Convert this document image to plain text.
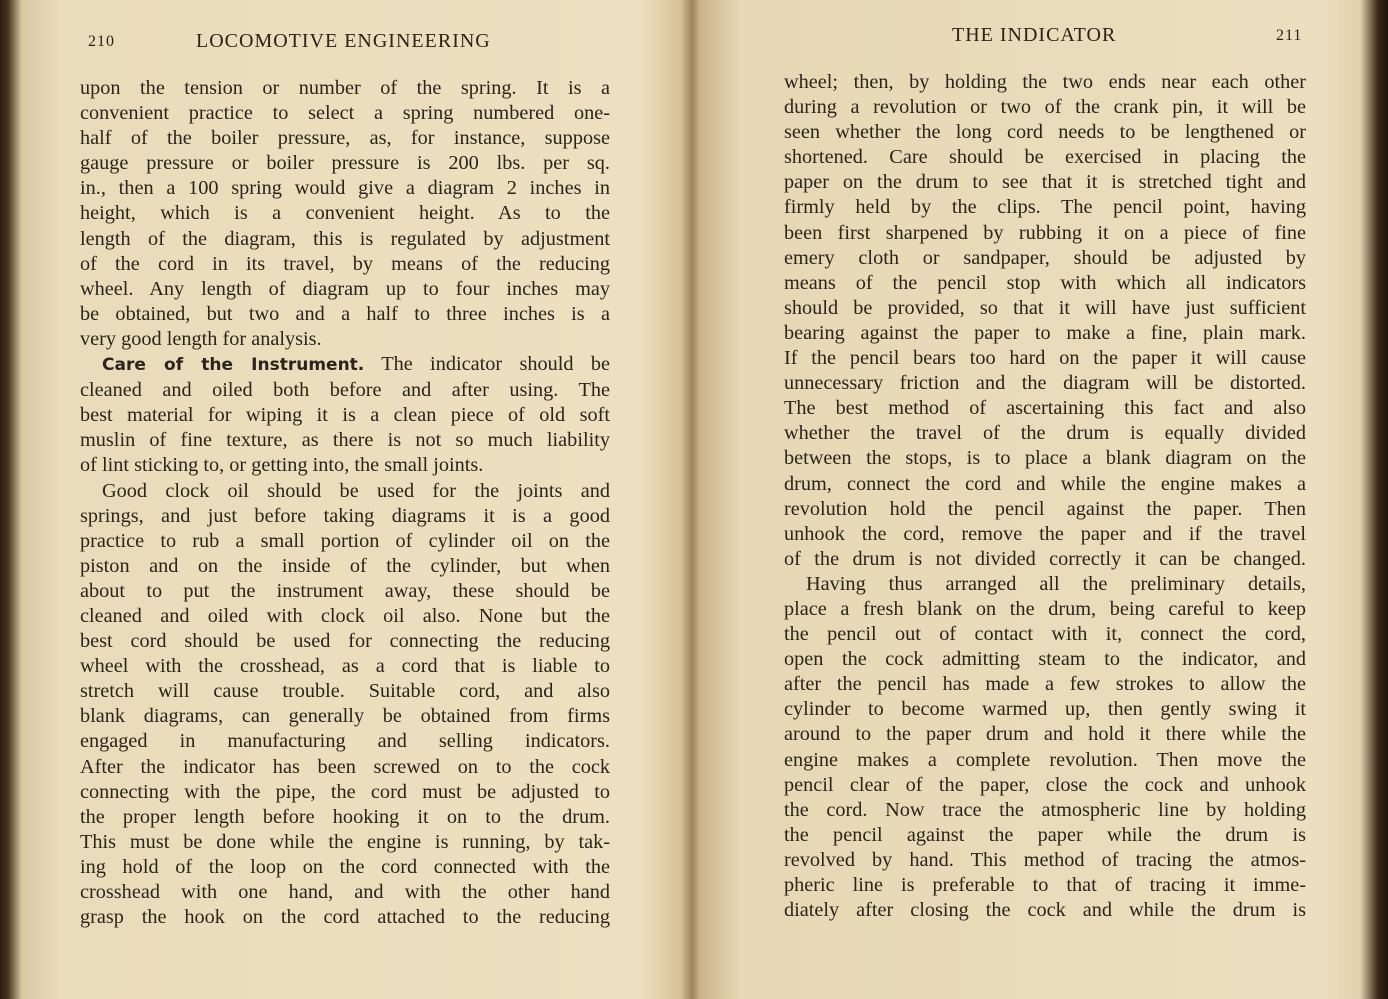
210	LOCOMOTIVE ENGINEERING
upon the tension or number of the spring. It is a
convenient practice to select a spring numbered one-
half of the boiler pressure, as, for instance, suppose
gauge pressure or boiler pressure is 200 lbs. per sq.
in., then a 100 spring would give a diagram 2 inches in
height, which is a convenient height. As to the
length of the diagram, this is regulated by adjustment
of the cord in its travel, by means of the reducing
wheel. Any length of diagram up to four inches may
be obtained, but two and a half to three inches is a
very good length for analysis.
Care of the Instrument. The indicator should be
cleaned and oiled both before and after using. The
best material for wiping it is a clean piece of old soft
muslin of fine texture, as there is not so much liability
of lint sticking to, or getting into, the small joints.
Good clock oil should be used for the joints and
springs, and just before taking diagrams it is a good
practice to rub a small portion of cylinder oil on the
piston and on the inside of the cylinder, but when
about to put the instrument away, these should be
cleaned and oiled with clock oil also. None but the
best cord should be used for connecting the reducing
wheel with the crosshead, as a cord that is liable to
stretch will cause trouble. Suitable cord, and also
blank diagrams, can generally be obtained from firms
engaged in manufacturing and selling indicators.
After the indicator has been screwed on to the cock
connecting with the pipe, the cord must be adjusted to
the proper length before hooking it on to the drum.
This must be done while the engine is running, by tak-
ing hold of the loop on the cord connected with the
crosshead with one hand, and with the other hand
grasp the hook on the cord attached to the reducing
THE INDICATOR	211
wheel; then, by holding the two ends near each other
during a revolution or two of the crank pin, it will be
seen whether the long cord needs to be lengthened or
shortened. Care should be exercised in placing the
paper on the drum to see that it is stretched tight and
firmly held by the clips. The pencil point, having
been first sharpened by rubbing it on a piece of fine
emery cloth or sandpaper, should be adjusted by
means of the pencil stop with which all indicators
should be provided, so that it will have just sufficient
bearing against the paper to make a fine, plain mark.
If the pencil bears too hard on the paper it will cause
unnecessary friction and the diagram will be distorted.
The best method of ascertaining this fact and also
whether the travel of the drum is equally divided
between the stops, is to place a blank diagram on the
drum, connect the cord and while the engine makes a
revolution hold the pencil against the paper. Then
unhook the cord, remove the paper and if the travel
of the drum is not divided correctly it can be changed.
Having thus arranged all the preliminary details,
place a fresh blank on the drum, being careful to keep
the pencil out of contact with it, connect the cord,
open the cock admitting steam to the indicator, and
after the pencil has made a few strokes to allow the
cylinder to become warmed up, then gently swing it
around to the paper drum and hold it there while the
engine makes a complete revolution. Then move the
pencil clear of the paper, close the cock and unhook
the cord. Now trace the atmospheric line by holding
the pencil against the paper while the drum is
revolved by hand. This method of tracing the atmos-
pheric line is preferable to that of tracing it imme-
diately after closing the cock and while the drum is
